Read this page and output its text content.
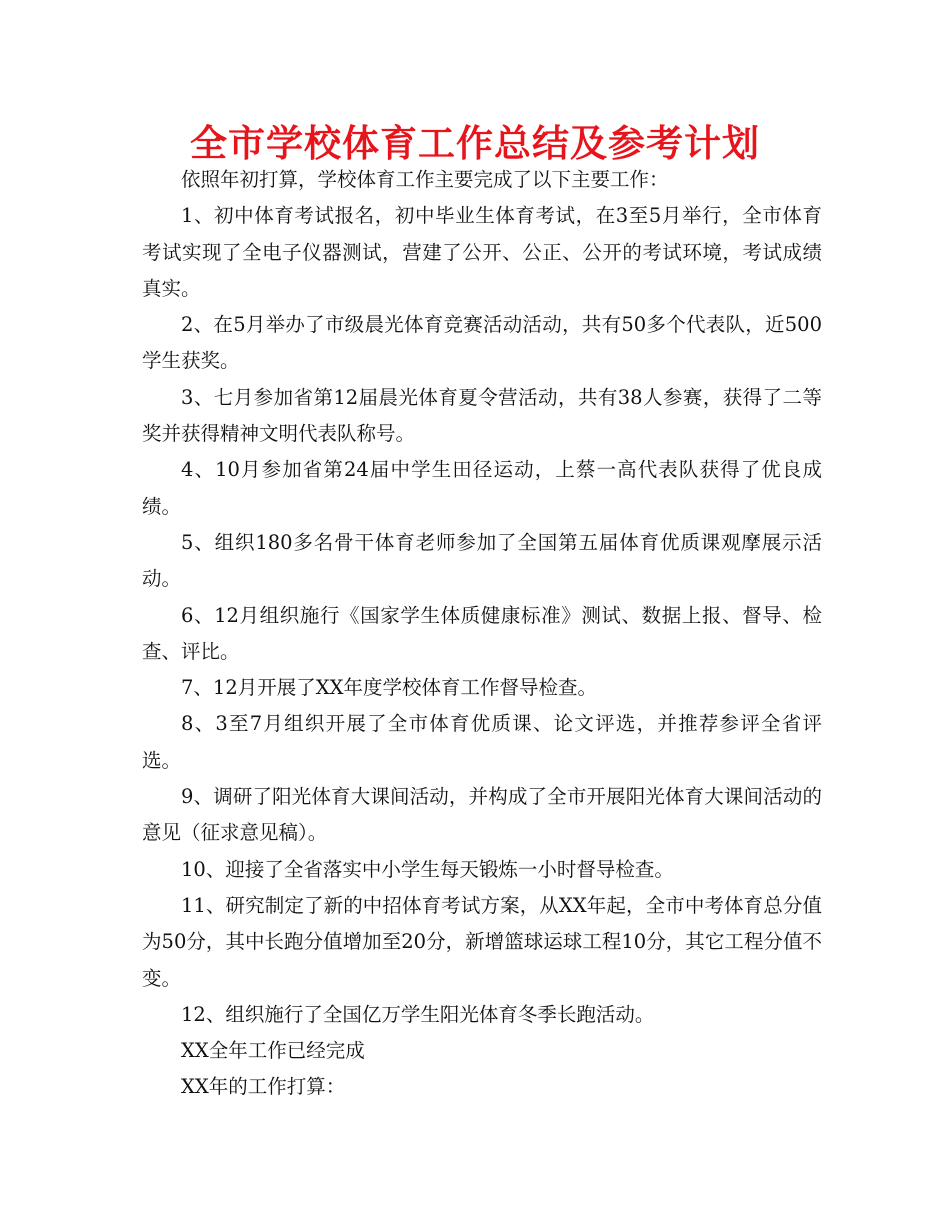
全市学校体育工作总结及参考计划

依照年初打算，学校体育工作主要完成了以下主要工作：

1、初中体育考试报名，初中毕业生体育考试，在3至5月举行，全市体育考试实现了全电子仪器测试，营建了公开、公正、公开的考试环境，考试成绩真实。

2、在5月举办了市级晨光体育竞赛活动活动，共有50多个代表队，近500学生获奖。

3、七月参加省第12届晨光体育夏令营活动，共有38人参赛，获得了二等奖并获得精神文明代表队称号。

4、10月参加省第24届中学生田径运动，上蔡一高代表队获得了优良成绩。

5、组织180多名骨干体育老师参加了全国第五届体育优质课观摩展示活动。

6、12月组织施行《国家学生体质健康标准》测试、数据上报、督导、检查、评比。

7、12月开展了XX年度学校体育工作督导检查。

8、3至7月组织开展了全市体育优质课、论文评选，并推荐参评全省评选。

9、调研了阳光体育大课间活动，并构成了全市开展阳光体育大课间活动的意见（征求意见稿）。

10、迎接了全省落实中小学生每天锻炼一小时督导检查。

11、研究制定了新的中招体育考试方案，从XX年起，全市中考体育总分值为50分，其中长跑分值增加至20分，新增篮球运球工程10分，其它工程分值不变。

12、组织施行了全国亿万学生阳光体育冬季长跑活动。

XX全年工作已经完成

XX年的工作打算：
